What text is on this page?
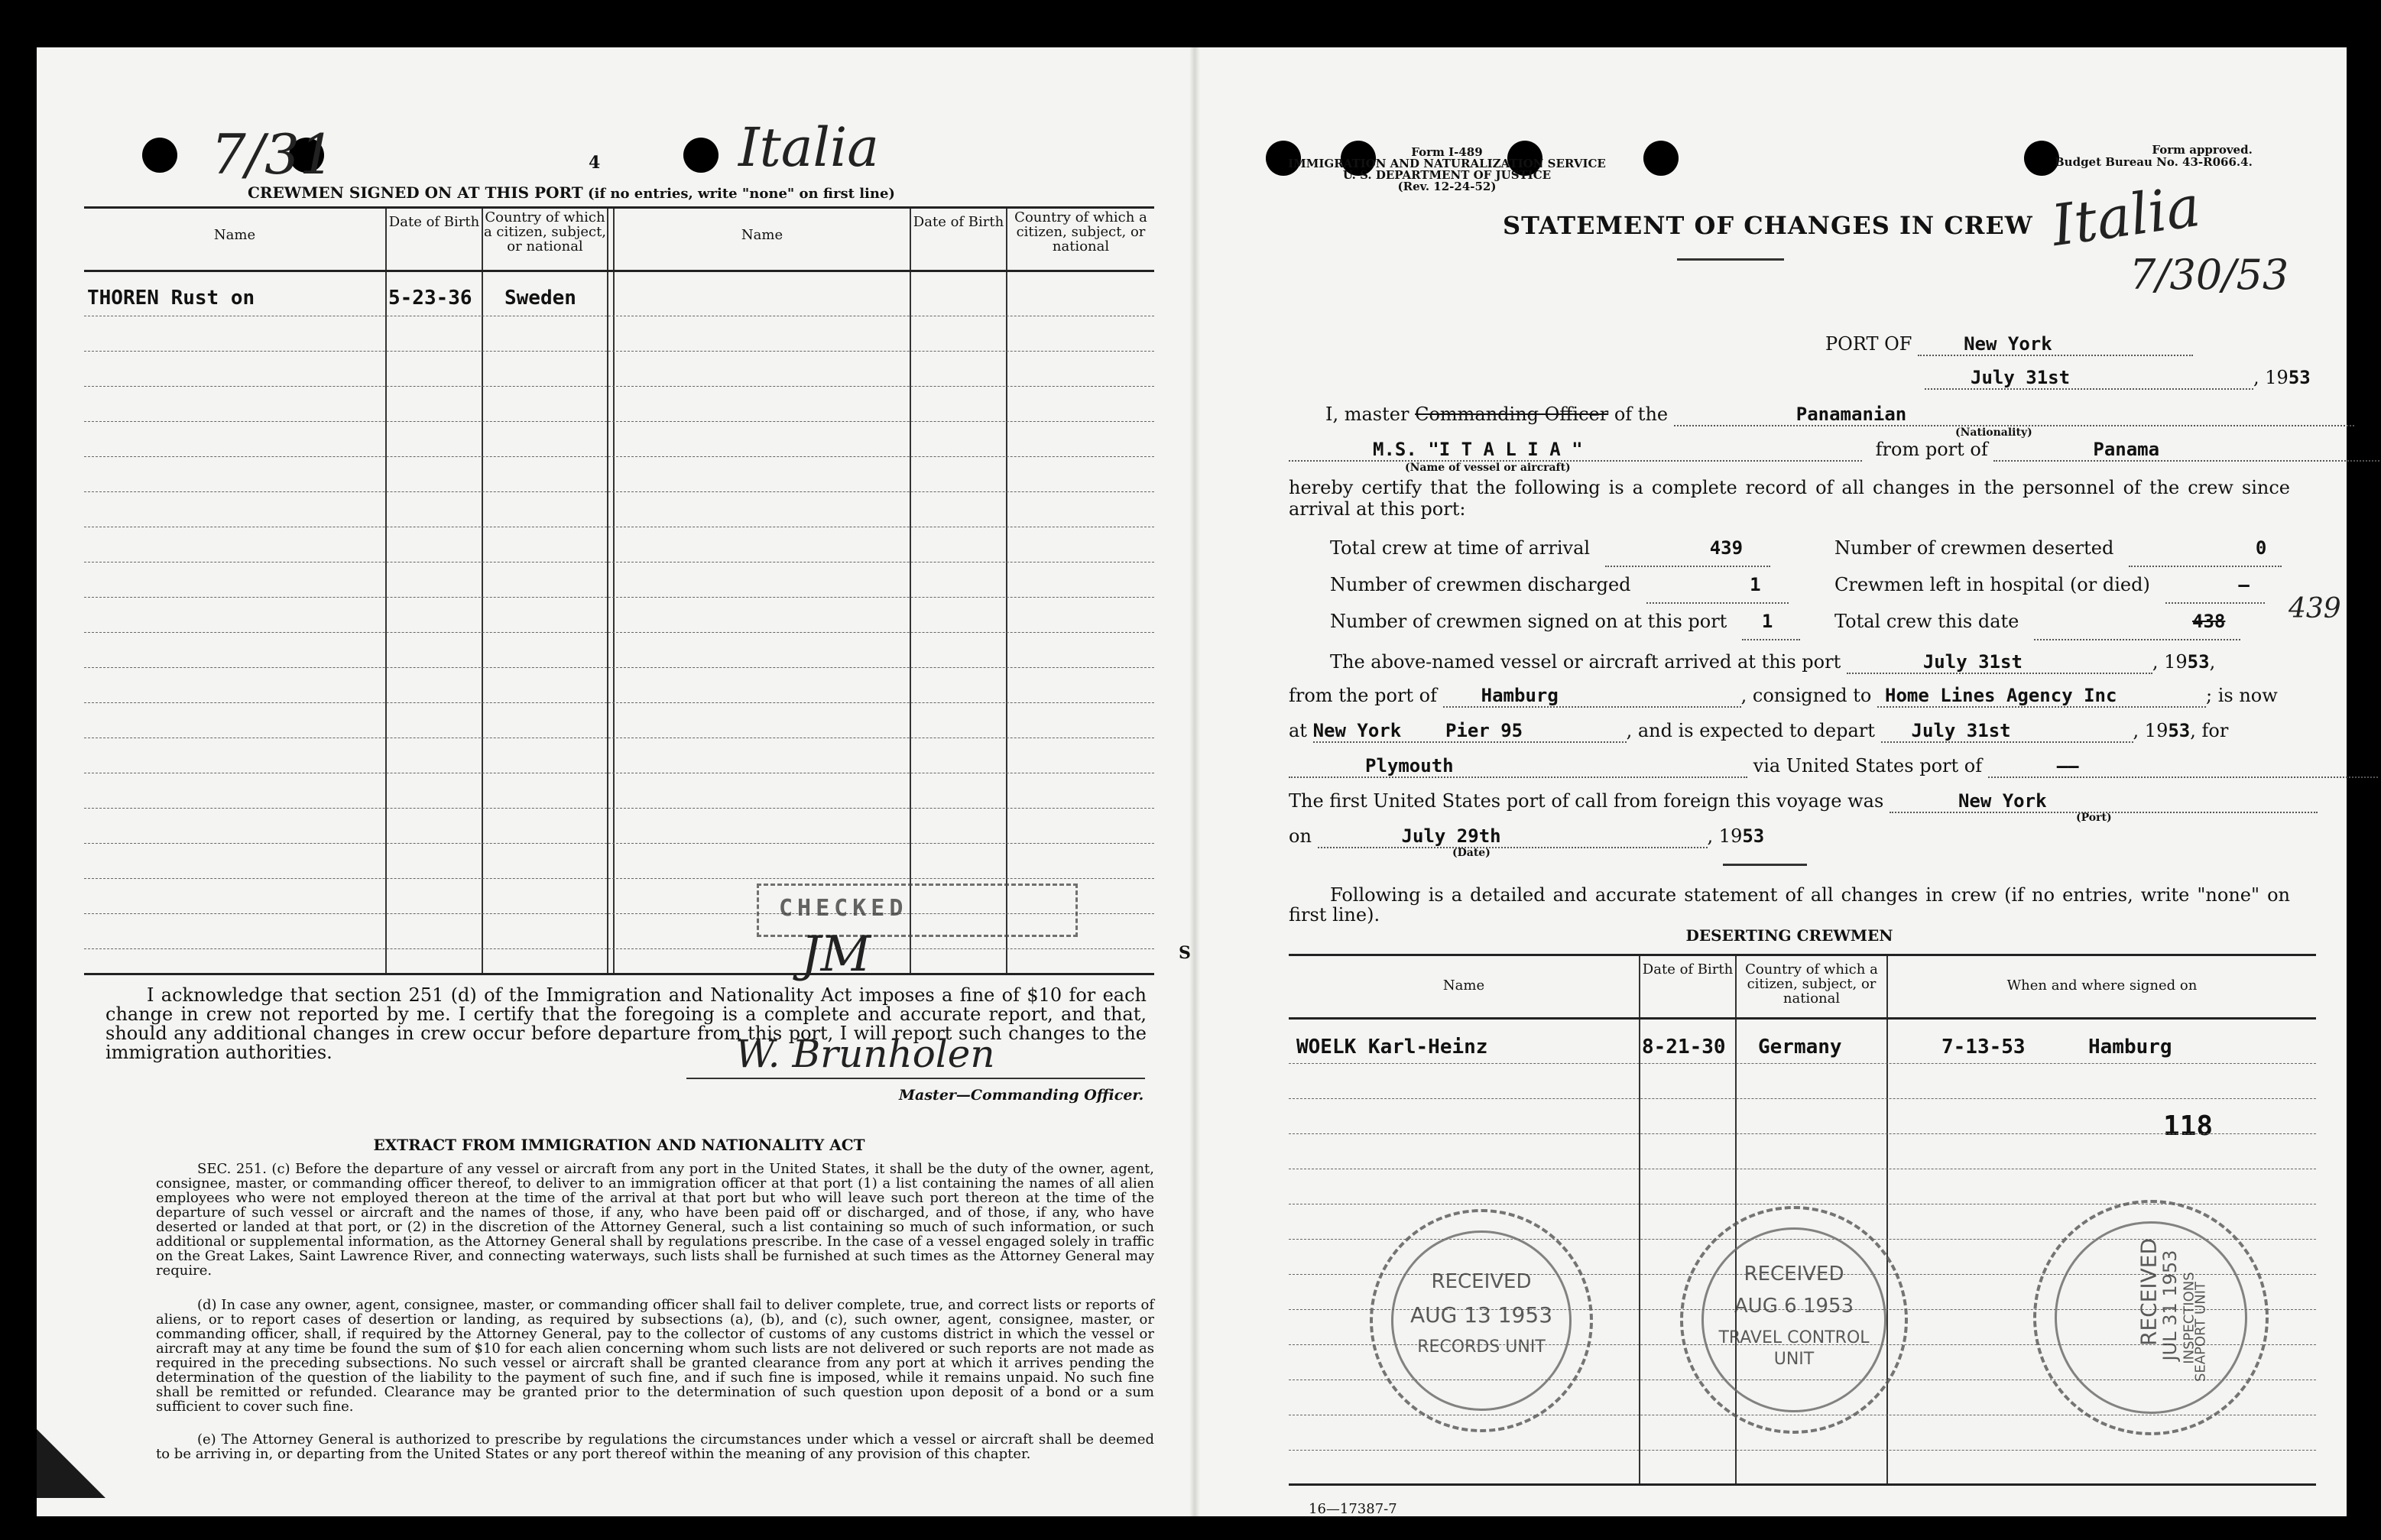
7/31	4	Italia
CREWMEN SIGNED ON AT THIS PORT (if no entries, write "none" on first line)
Name
Date of Birth Country of which a citizen, subject, or national
Name
Date of Birth Country of which a citizen, subject, or national
THOREN Rust on	5-23-36 Sweden
CHECKED
JM	S
I acknowledge that section 251 (d) of the Immigration and Nationality Act imposes a fine of $10 for each change in crew not reported by me. I certify that the foregoing is a complete and accurate report, and that, should any additional changes in crew occur before departure from this port, I will report such changes to the immigration authorities.	W. Brunholen
Master—Commanding Officer.
EXTRACT FROM IMMIGRATION AND NATIONALITY ACT
SEC. 251. (c) Before the departure of any vessel or aircraft from any port in the United States, it shall be the duty of the owner, agent, consignee, master, or commanding officer thereof, to deliver to an immigration officer at that port (1) a list containing the names of all alien employees who were not employed thereon at the time of the arrival at that port but who will leave such port thereon at the time of the departure of such vessel or aircraft and the names of those, if any, who have been paid off or discharged, and of those, if any, who have deserted or landed at that port, or (2) in the discretion of the Attorney General, such a list containing so much of such information, or such additional or supplemental information, as the Attorney General shall by regulations prescribe. In the case of a vessel engaged solely in traffic on the Great Lakes, Saint Lawrence River, and connecting waterways, such lists shall be furnished at such times as the Attorney General may require.
(d) In case any owner, agent, consignee, master, or commanding officer shall fail to deliver complete, true, and correct lists or reports of aliens, or to report cases of desertion or landing, as required by subsections (a), (b), and (c), such owner, agent, consignee, master, or commanding officer, shall, if required by the Attorney General, pay to the collector of customs of any customs district in which the vessel or aircraft may at any time be found the sum of $10 for each alien concerning whom such lists are not delivered or such reports are not made as required in the preceding subsections. No such vessel or aircraft shall be granted clearance from any port at which it arrives pending the determination of the question of the liability to the payment of such fine, and if such fine is imposed, while it remains unpaid. No such fine shall be remitted or refunded. Clearance may be granted prior to the determination of such question upon deposit of a bond or a sum sufficient to cover such fine.
(e) The Attorney General is authorized to prescribe by regulations the circumstances under which a vessel or aircraft shall be deemed to be arriving in, or departing from the United States or any port thereof within the meaning of any provision of this chapter.
Form I-489
IMMIGRATION AND NATURALIZATION SERVICE
U. S. DEPARTMENT OF JUSTICE
(Rev. 12-24-52)
Form approved.
Budget Bureau No. 43-R066.4.
STATEMENT OF CHANGES IN CREW Italia
7/30/53
PORT OF	New York
July 31st	, 1953
I, master Commanding Officer of the	Panamanian
(Nationality)
M.S. "I T A L I A "	from port of	Panama
(Name of vessel or aircraft)
hereby certify that the following is a complete record of all changes in the personnel of the crew since arrival at this port:
Total crew at time of arrival	439
Number of crewmen discharged	1
Number of crewmen signed on at this port 1
Number of crewmen deserted	0
Crewmen left in hospital (or died)	—
Total crew this date	438	439
The above-named vessel or aircraft arrived at this port	July 31st	, 1953,
from the port of Hamburg	, consigned to Home Lines Agency Inc	; is now
at New York Pier 95	, and is expected to depart July 31st	, 1953, for
Plymouth	via United States port of	——
The first United States port of call from foreign this voyage was	New York
(Port)
on	July 29th	, 1953
(Date)
Following is a detailed and accurate statement of all changes in crew (if no entries, write "none" on first line).
DESERTING CREWMEN
Name
Date of Birth Country of which a citizen, subject, or national
When and where signed on
WOELK Karl-Heinz	8-21-30 Germany	7-13-53	Hamburg
118
16—17387-7
RECEIVED
AUG 13 1953
RECORDS UNIT
RECEIVED
AUG 6 1953
TRAVEL CONTROL
UNIT
RECEIVED
JUL 31 1953 INSPECTIONS
SEAPORT UNIT
